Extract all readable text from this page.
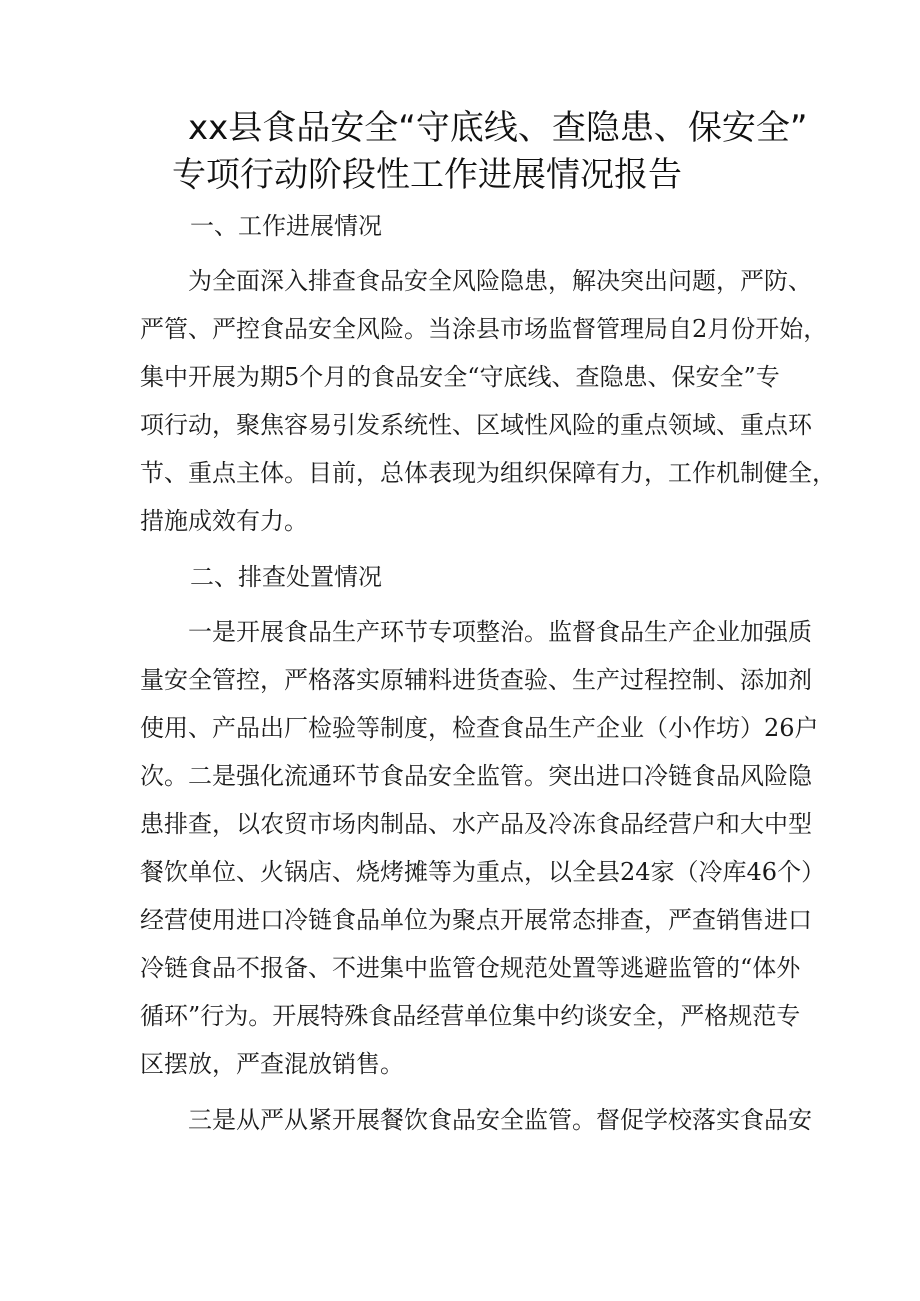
xx县食品安全“守底线、查隐患、保安全”
专项行动阶段性工作进展情况报告
一、工作进展情况
为全面深入排查食品安全风险隐患，解决突出问题，严防、
严管、严控食品安全风险。当涂县市场监督管理局自2月份开始，
集中开展为期5个月的食品安全“守底线、查隐患、保安全”专
项行动，聚焦容易引发系统性、区域性风险的重点领域、重点环
节、重点主体。目前，总体表现为组织保障有力，工作机制健全，
措施成效有力。
二、排查处置情况
一是开展食品生产环节专项整治。监督食品生产企业加强质
量安全管控，严格落实原辅料进货查验、生产过程控制、添加剂
使用、产品出厂检验等制度，检查食品生产企业（小作坊）26户
次。二是强化流通环节食品安全监管。突出进口冷链食品风险隐
患排查，以农贸市场肉制品、水产品及冷冻食品经营户和大中型
餐饮单位、火锅店、烧烤摊等为重点，以全县24家（冷库46个）
经营使用进口冷链食品单位为聚点开展常态排查，严查销售进口
冷链食品不报备、不进集中监管仓规范处置等逃避监管的“体外
循环”行为。开展特殊食品经营单位集中约谈安全，严格规范专
区摆放，严查混放销售。
三是从严从紧开展餐饮食品安全监管。督促学校落实食品安
